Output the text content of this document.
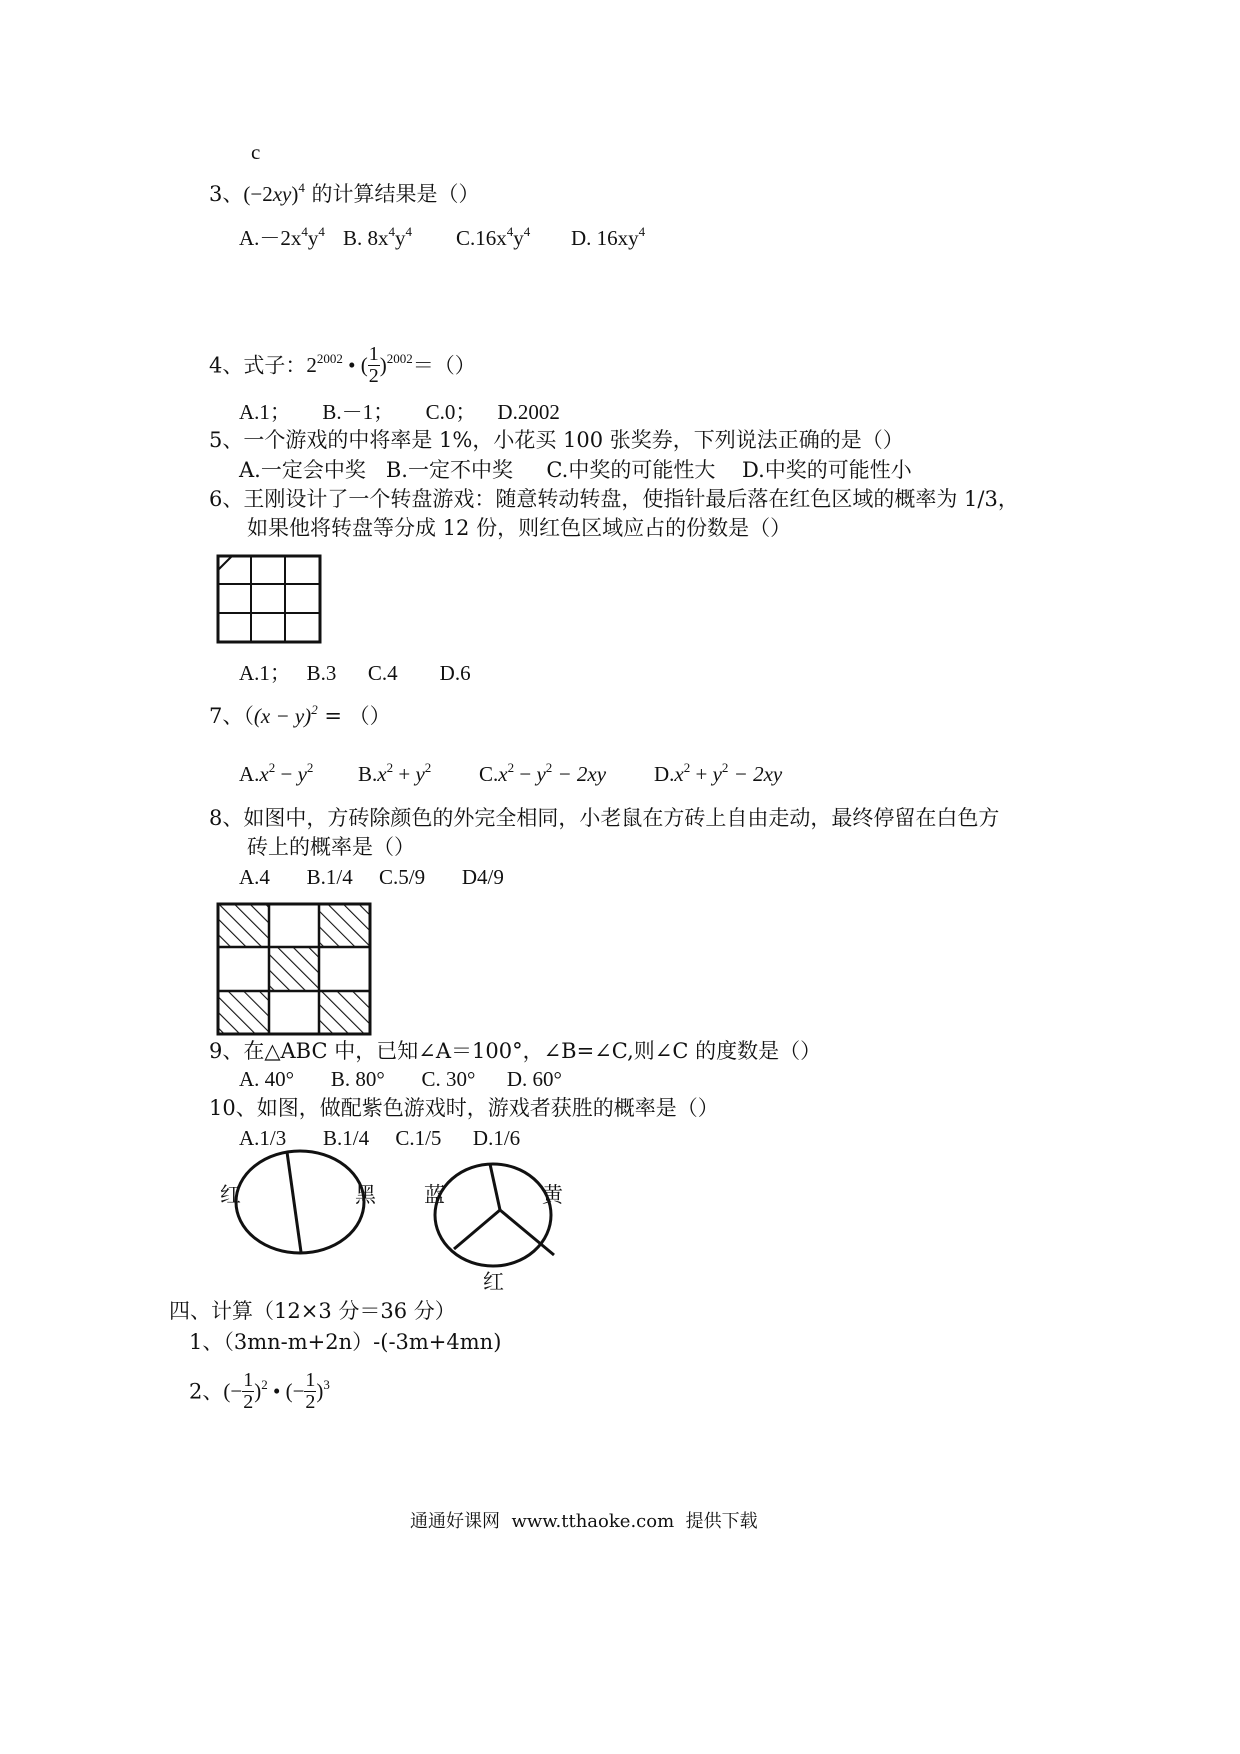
c
3、$(-2xy)^4$ 的计算结果是（）
$A.-2x^4y^4$ B. $8x^4y^4$ $C.16x^4y^4$ D. $16xy^4$
4、式子：$2^{2002}$ • ( $\frac{1}{2} )^{2002}=()$
A.1；      B.－1；      C.0；    D.2002
5、一个游戏的中将率是 1%，小花买 100 张奖券，下列说法正确的是（）
A.一定会中奖   B.一定不中奖     C.中奖的可能性大    D.中奖的可能性小
6、王刚设计了一个转盘游戏：随意转动转盘，使指针最后落在红色区域的概率为 1/3，
如果他将转盘等分成 12 份，则红色区域应占的份数是（）
A.1；   B.3      C.4        D.6
7、（$(x - y)^2$ = （）
$A.x^2 - y^2$ $B.x^2 + y^2$ $C.x^2 - y^2 - 2xy$ $D.x^2 + y^2 - 2xy$
8、如图中，方砖除颜色的外完全相同，小老鼠在方砖上自由走动，最终停留在白色方
砖上的概率是（）
A.4       B.1/4     C.5/9       D4/9
9、在△ABC 中，已知∠A＝100°，∠B=∠C,则∠C 的度数是（）
A. 40°       B. 80°       C. 30°      D. 60°
10、如图，做配紫色游戏时，游戏者获胜的概率是（）
A.1/3       B.1/4     C.1/5      D.1/6
红	黑 蓝	黄
红
四、计算（12×3 分＝36 分）
1、（3mn-m+2n）-(-3m+4mn)
2、(− $\frac{1}{2} )^2$ • (− $\frac{1}{2} )^3$
通通好课网  www.tthaoke.com  提供下载
